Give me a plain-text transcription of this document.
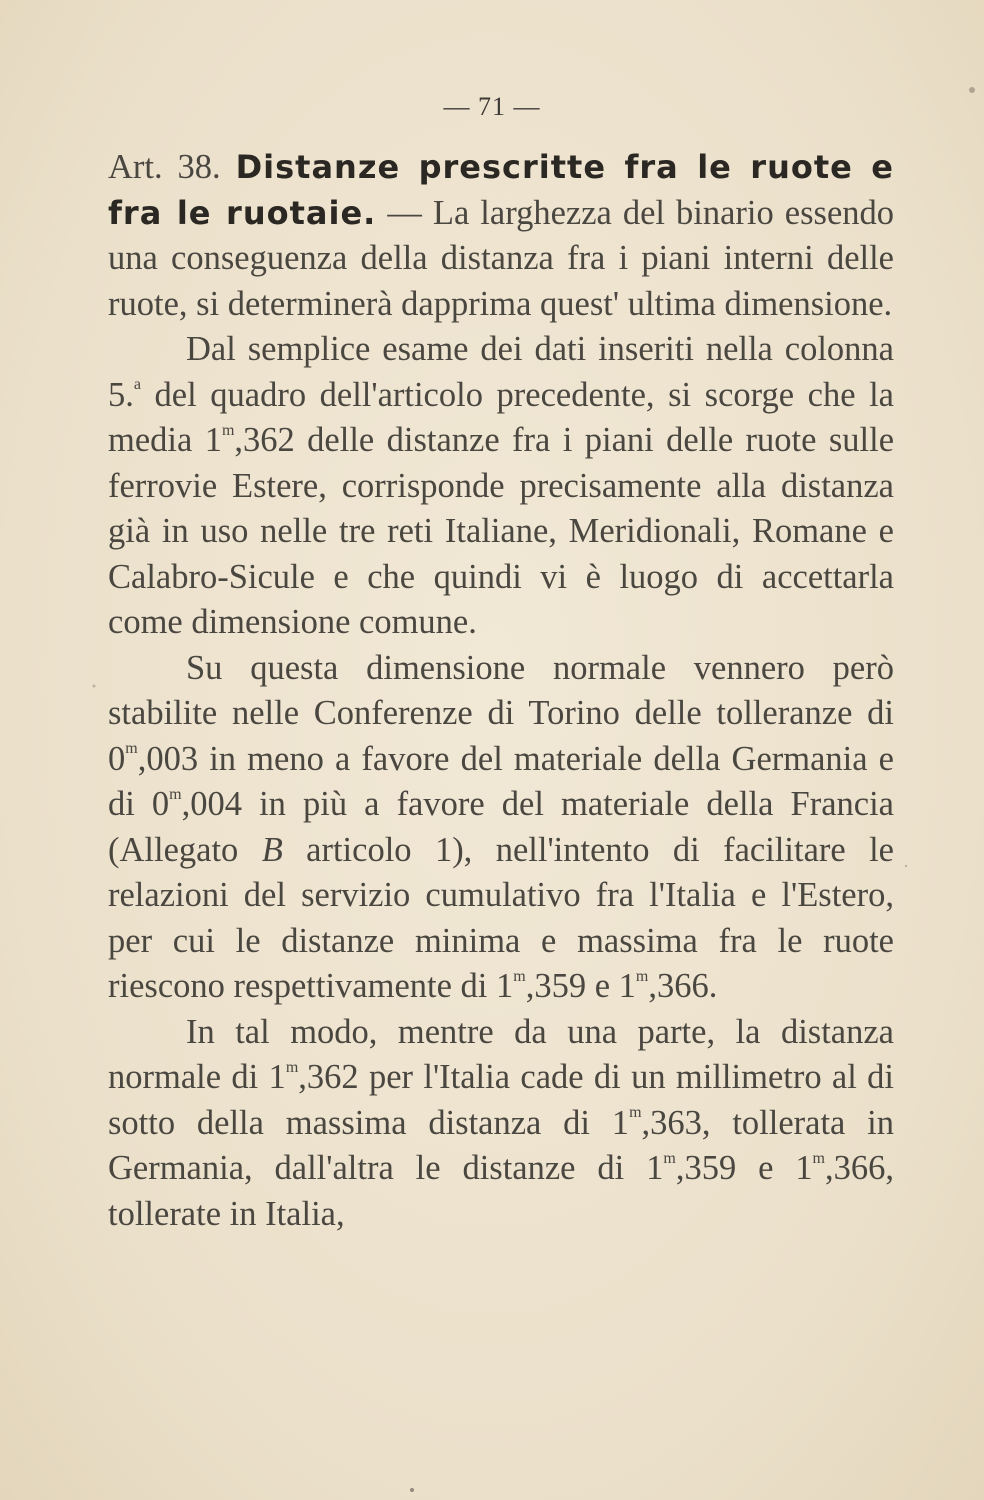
— 71 —

Art. 38. Distanze prescritte fra le ruote e fra le ruotaie. — La larghezza del binario essendo una conseguenza della distanza fra i piani interni delle ruote, si determinerà dapprima quest' ultima dimensione.

Dal semplice esame dei dati inseriti nella colonna 5.$^a$ del quadro dell'articolo precedente, si scorge che la media 1$^m$,362 delle distanze fra i piani delle ruote sulle ferrovie Estere, corrisponde precisamente alla distanza già in uso nelle tre reti Italiane, Meridionali, Romane e Calabro-Sicule e che quindi vi è luogo di accettarla come dimensione comune.

Su questa dimensione normale vennero però stabilite nelle Conferenze di Torino delle tolleranze di 0$^m$,003 in meno a favore del materiale della Germania e di 0$^m$,004 in più a favore del materiale della Francia (Allegato B articolo 1), nell'intento di facilitare le relazioni del servizio cumulativo fra l'Italia e l'Estero, per cui le distanze minima e massima fra le ruote riescono respettivamente di 1$^m$,359 e 1$^m$,366.

In tal modo, mentre da una parte, la distanza normale di 1$^m$,362 per l'Italia cade di un millimetro al di sotto della massima distanza di 1$^m$,363, tollerata in Germania, dall'altra le distanze di 1$^m$,359 e 1$^m$,366, tollerate in Italia,
